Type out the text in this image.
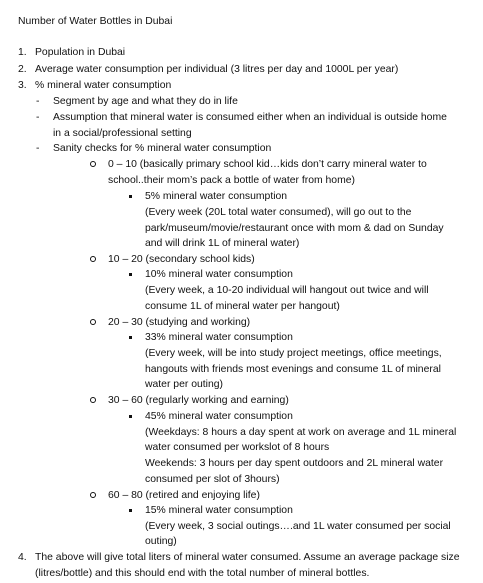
Number of Water Bottles in Dubai
1. Population in Dubai
2. Average water consumption per individual (3 litres per day and 1000L per year)
3. % mineral water consumption
- Segment by age and what they do in life
- Assumption that mineral water is consumed either when an individual is outside home
in a social/professional setting
- Sanity checks for % mineral water consumption
0 – 10 (basically primary school kid…kids don’t carry mineral water to
school..their mom’s pack a bottle of water from home)
5% mineral water consumption
(Every week (20L total water consumed), will go out to the
park/museum/movie/restaurant once with mom & dad on Sunday
and will drink 1L of mineral water)
10 – 20 (secondary school kids)
10% mineral water consumption
(Every week, a 10-20 individual will hangout out twice and will
consume 1L of mineral water per hangout)
20 – 30 (studying and working)
33% mineral water consumption
(Every week, will be into study project meetings, office meetings,
hangouts with friends most evenings and consume 1L of mineral
water per outing)
30 – 60 (regularly working and earning)
45% mineral water consumption
(Weekdays: 8 hours a day spent at work on average and 1L mineral
water consumed per workslot of 8 hours
Weekends: 3 hours per day spent outdoors and 2L mineral water
consumed per slot of 3hours)
60 – 80 (retired and enjoying life)
15% mineral water consumption
(Every week, 3 social outings….and 1L water consumed per social
outing)
4. The above will give total liters of mineral water consumed. Assume an average package size
(litres/bottle) and this should end with the total number of mineral bottles.
